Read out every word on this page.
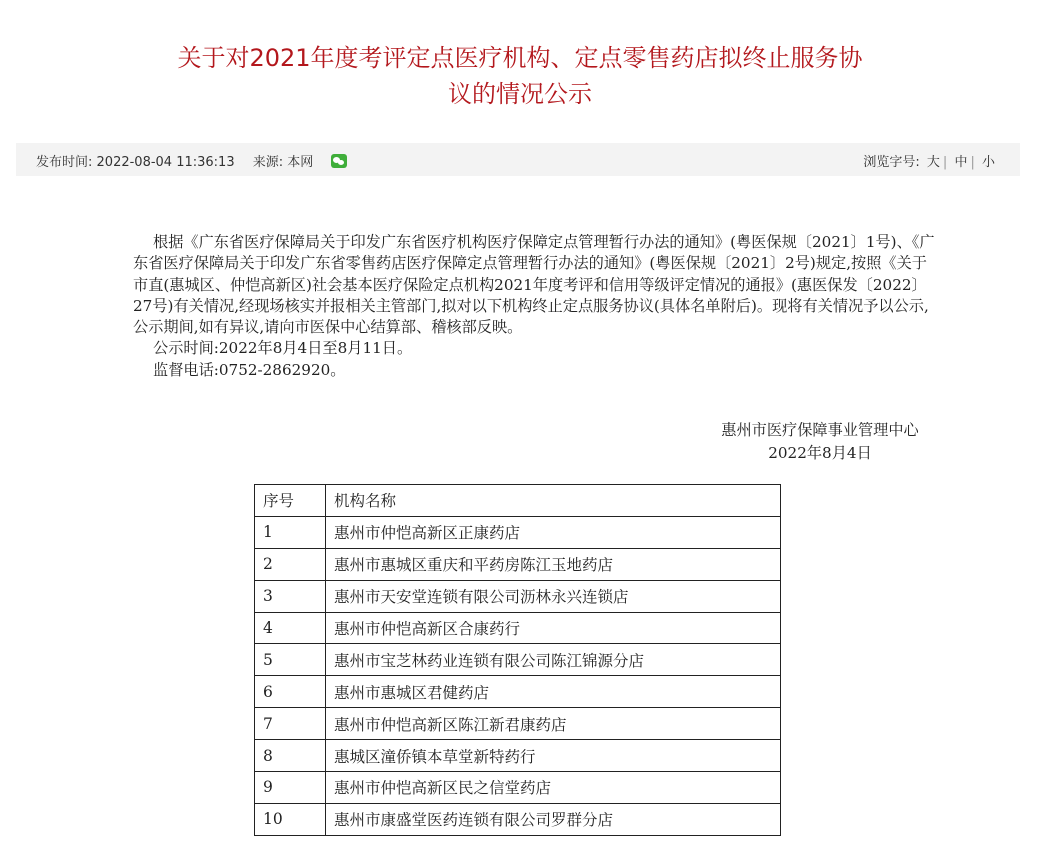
关于对2021年度考评定点医疗机构、定点零售药店拟终止服务协
议的情况公示
发布时间: 2022-08-04 11:36:13 来源: 本网	浏览字号: 大 | 中 | 小

根据《广东省医疗保障局关于印发广东省医疗机构医疗保障定点管理暂行办法的通知》(粤医保规〔2021〕1号)、《广东省医疗保障局关于印发广东省零售药店医疗保障定点管理暂行办法的通知》(粤医保规〔2021〕2号)规定,按照《关于市直(惠城区、仲恺高新区)社会基本医疗保险定点机构2021年度考评和信用等级评定情况的通报》(惠医保发〔2022〕27号)有关情况,经现场核实并报相关主管部门,拟对以下机构终止定点服务协议(具体名单附后)。现将有关情况予以公示,公示期间,如有异议,请向市医保中心结算部、稽核部反映。

公示时间:2022年8月4日至8月11日。

监督电话:0752-2862920。

惠州市医疗保障事业管理中心
2022年8月4日
序号	机构名称
1	惠州市仲恺高新区正康药店
2	惠州市惠城区重庆和平药房陈江玉地药店
3	惠州市天安堂连锁有限公司沥林永兴连锁店
4	惠州市仲恺高新区合康药行
5	惠州市宝芝林药业连锁有限公司陈江锦源分店
6	惠州市惠城区君健药店
7	惠州市仲恺高新区陈江新君康药店
8	惠城区潼侨镇本草堂新特药行
9	惠州市仲恺高新区民之信堂药店
10	惠州市康盛堂医药连锁有限公司罗群分店
